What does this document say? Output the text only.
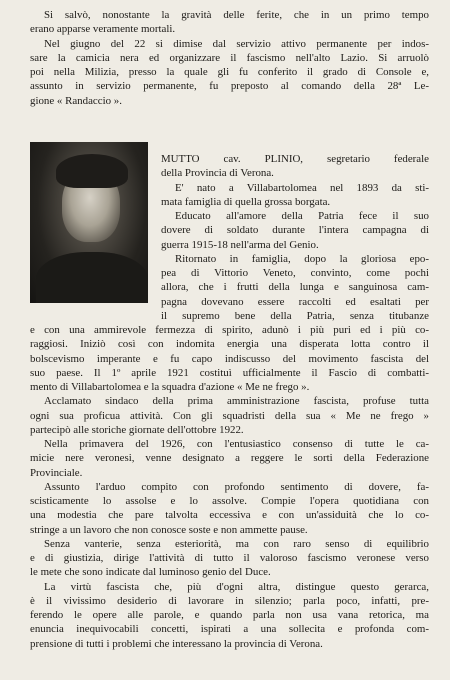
Si salvò, nonostante la gravità delle ferite, che in un primo tempo
erano apparse veramente mortali.
Nel giugno del 22 si dimise dal servizio attivo permanente per indos-
sare la camicia nera ed organizzare il fascismo nell'alto Lazio. Si arruolò
poi nella Milizia, presso la quale gli fu conferito il grado di Console e,
assunto in servizio permanente, fu preposto al comando della 28ª Le-
gione « Randaccio ».
MUTTO cav. PLINIO, segretario federale
della Provincia di Verona.
E' nato a Villabartolomea nel 1893 da sti-
mata famiglia di quella grossa borgata.
Educato all'amore della Patria fece il suo
dovere di soldato durante l'intera campagna di
guerra 1915-18 nell'arma del Genio.
Ritornato in famiglia, dopo la gloriosa epo-
pea di Vittorio Veneto, convinto, come pochi
allora, che i frutti della lunga e sanguinosa cam-
pagna dovevano essere raccolti ed esaltati per
il supremo bene della Patria, senza titubanze
e con una ammirevole fermezza di spirito, adunò i più puri ed i più co-
raggiosi. Iniziò così con indomita energia una disperata lotta contro il
bolscevismo imperante e fu capo indiscusso del movimento fascista del
suo paese. Il 1º aprile 1921 costituì ufficialmente il Fascio di combatti-
mento di Villabartolomea e la squadra d'azione « Me ne frego ».
Acclamato sindaco della prima amministrazione fascista, profuse tutta
ogni sua proficua attività. Con gli squadristi della sua « Me ne frego »
partecipò alle storiche giornate dell'ottobre 1922.
Nella primavera del 1926, con l'entusiastico consenso di tutte le ca-
micie nere veronesi, venne designato a reggere le sorti della Federazione
Provinciale.
Assunto l'arduo compito con profondo sentimento di dovere, fa-
scisticamente lo assolse e lo assolve. Compie l'opera quotidiana con
una modestia che pare talvolta eccessiva e con un'assiduità che lo co-
stringe a un lavoro che non conosce soste e non ammette pause.
Senza vanterie, senza esteriorità, ma con raro senso di equilibrio
e di giustizia, dirige l'attività di tutto il valoroso fascismo veronese verso
le mete che sono indicate dal luminoso genio del Duce.
La virtù fascista che, più d'ogni altra, distingue questo gerarca,
è il vivissimo desiderio di lavorare in silenzio; parla poco, infatti, pre-
ferendo le opere alle parole, e quando parla non usa vana retorica, ma
enuncia inequivocabili concetti, ispirati a una sollecita e profonda com-
prensione di tutti i problemi che interessano la provincia di Verona.
